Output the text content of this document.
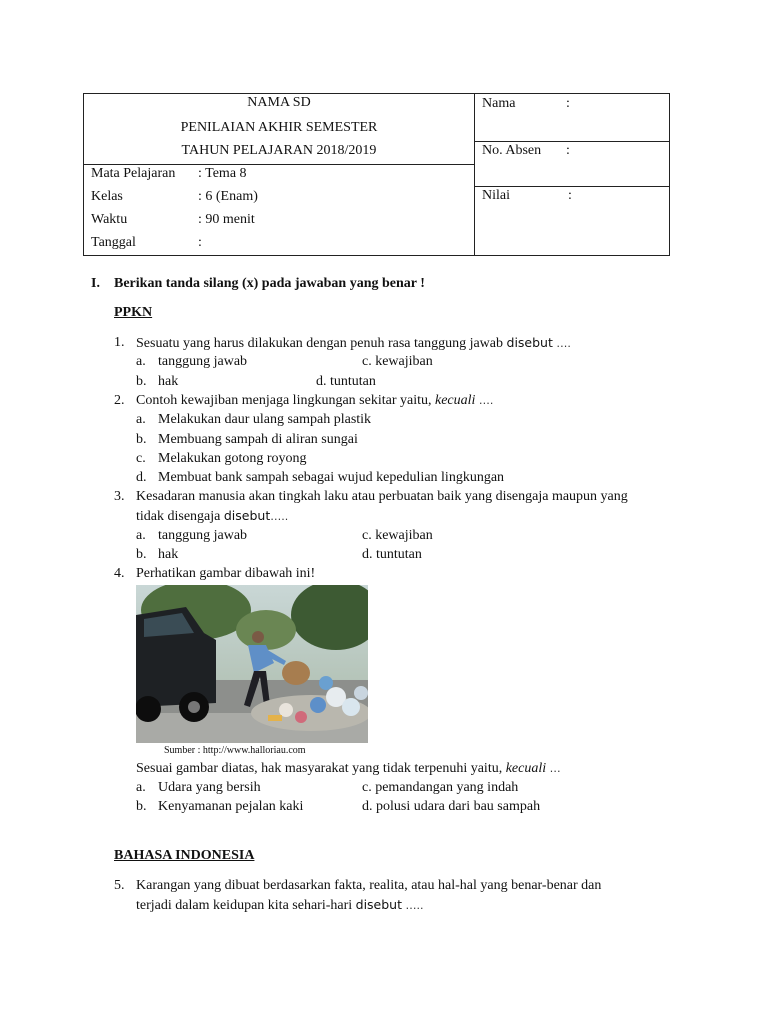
NAMA SD
PENILAIAN AKHIR SEMESTER
TAHUN PELAJARAN 2018/2019
Mata Pelajaran : Tema 8
Kelas	: 6 (Enam)
Waktu	: 90 menit
Tanggal	:
Nama	:
No. Absen :
Nilai	:
I. Berikan tanda silang (x) pada jawaban yang benar !
PPKN
1. Sesuatu yang harus dilakukan dengan penuh rasa tanggung jawab disebut ….
a. tanggung jawab	c. kewajiban
b. hak	d. tuntutan
2. Contoh kewajiban menjaga lingkungan sekitar yaitu, kecuali ….
a. Melakukan daur ulang sampah plastik
b. Membuang sampah di aliran sungai
c. Melakukan gotong royong
d. Membuat bank sampah sebagai wujud kepedulian lingkungan
3. Kesadaran manusia akan tingkah laku atau perbuatan baik yang disengaja maupun yang
tidak disengaja disebut…..
a. tanggung jawab	c. kewajiban
b. hak	d. tuntutan
4. Perhatikan gambar dibawah ini!
Sumber : http://www.halloriau.com
Sesuai gambar diatas, hak masyarakat yang tidak terpenuhi yaitu, kecuali …
a. Udara yang bersih	c. pemandangan yang indah
b. Kenyamanan pejalan kaki	d. polusi udara dari bau sampah
BAHASA INDONESIA
5. Karangan yang dibuat berdasarkan fakta, realita, atau hal-hal yang benar-benar dan
terjadi dalam keidupan kita sehari-hari disebut …..
